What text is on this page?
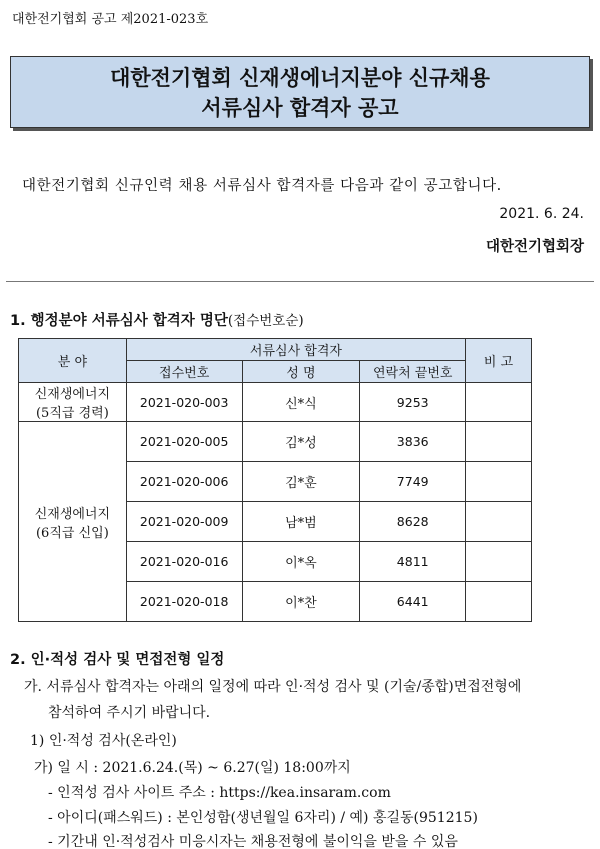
대한전기협회 공고 제2021-023호
대한전기협회 신재생에너지분야 신규채용
서류심사 합격자 공고
대한전기협회 신규인력 채용 서류심사 합격자를 다음과 같이 공고합니다.
2021. 6. 24.
대한전기협회장
1. 행정분야 서류심사 합격자 명단(접수번호순)
분 야	서류심사 합격자			비 고
	접수번호	성 명	연락처 끝번호	

신재생에너지
(5직급 경력)	2021-020-003	신*식	9253	

신재생에너지
(6직급 신입)	2021-020-005	김*성	3836	
	2021-020-006	김*훈	7749	
	2021-020-009	남*범	8628	
	2021-020-016	이*옥	4811	
	2021-020-018	이*찬	6441	
2. 인·적성 검사 및 면접전형 일정
가. 서류심사 합격자는 아래의 일정에 따라 인·적성 검사 및 (기술/종합)면접전형에
참석하여 주시기 바랍니다.
1) 인·적성 검사(온라인)
가) 일 시 : 2021.6.24.(목) ~ 6.27(일) 18:00까지
- 인적성 검사 사이트 주소 : https://kea.insaram.com
- 아이디(패스워드) : 본인성함(생년월일 6자리) / 예) 홍길동(951215)
- 기간내 인·적성검사 미응시자는 채용전형에 불이익을 받을 수 있음
